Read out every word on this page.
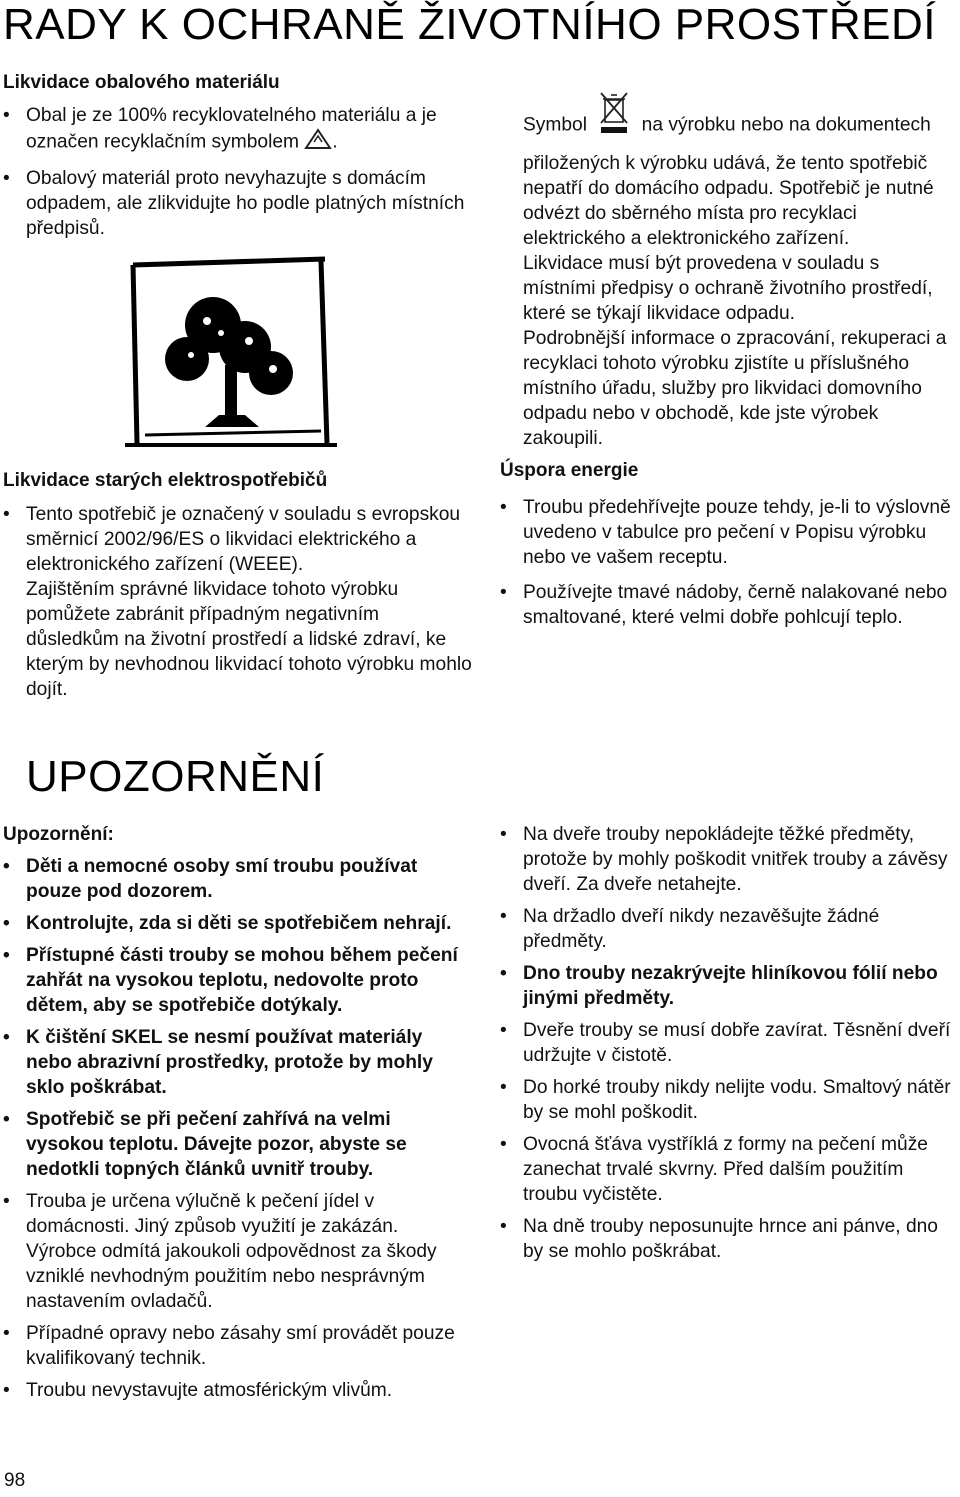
RADY K OCHRANĚ ŽIVOTNÍHO PROSTŘEDÍ
Likvidace obalového materiálu
• Obal je ze 100% recyklovatelného materiálu a je označen recyklačním symbolem .
• Obalový materiál proto nevyhazujte s domácím odpadem, ale zlikvidujte ho podle platných místních předpisů.
Likvidace starých elektrospotřebičů
• Tento spotřebič je označený v souladu s evropskou směrnicí 2002/96/ES o likvidaci elektrického a elektronického zařízení (WEEE).

Zajištěním správné likvidace tohoto výrobku pomůžete zabránit případným negativním důsledkům na životní prostředí a lidské zdraví, ke kterým by nevhodnou likvidací tohoto výrobku mohlo dojít.

Symbol	na výrobku nebo na dokumentech přiložených k výrobku udává, že tento spotřebič nepatří do domácího odpadu. Spotřebič je nutné odvézt do sběrného místa pro recyklaci elektrického a elektronického zařízení.

Likvidace musí být provedena v souladu s místními předpisy o ochraně životního prostředí, které se týkají likvidace odpadu.

Podrobnější informace o zpracování, rekuperaci a recyklaci tohoto výrobku zjistíte u příslušného místního úřadu, služby pro likvidaci domovního odpadu nebo v obchodě, kde jste výrobek zakoupili.

Úspora energie
• Troubu předehřívejte pouze tehdy, je-li to výslovně uvedeno v tabulce pro pečení v Popisu výrobku nebo ve vašem receptu.
• Používejte tmavé nádoby, černě nalakované nebo smaltované, které velmi dobře pohlcují teplo.
UPOZORNĚNÍ
Upozornění:
• Děti a nemocné osoby smí troubu používat pouze pod dozorem.
• Kontrolujte, zda si děti se spotřebičem nehrají.
• Přístupné části trouby se mohou během pečení zahřát na vysokou teplotu, nedovolte proto dětem, aby se spotřebiče dotýkaly.
• K čištění SKEL se nesmí používat materiály nebo abrazivní prostředky, protože by mohly sklo poškrábat.
• Spotřebič se při pečení zahřívá na velmi vysokou teplotu. Dávejte pozor, abyste se nedotkli topných článků uvnitř trouby.
• Trouba je určena výlučně k pečení jídel v domácnosti. Jiný způsob využití je zakázán. Výrobce odmítá jakoukoli odpovědnost za škody vzniklé nevhodným použitím nebo nesprávným nastavením ovladačů.
• Případné opravy nebo zásahy smí provádět pouze kvalifikovaný technik.
• Troubu nevystavujte atmosférickým vlivům.
• Na dveře trouby nepokládejte těžké předměty, protože by mohly poškodit vnitřek trouby a závěsy dveří. Za dveře netahejte.
• Na držadlo dveří nikdy nezavěšujte žádné předměty.
• Dno trouby nezakrývejte hliníkovou fólií nebo jinými předměty.
• Dveře trouby se musí dobře zavírat. Těsnění dveří udržujte v čistotě.
• Do horké trouby nikdy nelijte vodu. Smaltový nátěr by se mohl poškodit.
• Ovocná šťáva vystříklá z formy na pečení může zanechat trvalé skvrny. Před dalším použitím troubu vyčistěte.
• Na dně trouby neposunujte hrnce ani pánve, dno by se mohlo poškrábat.
98
